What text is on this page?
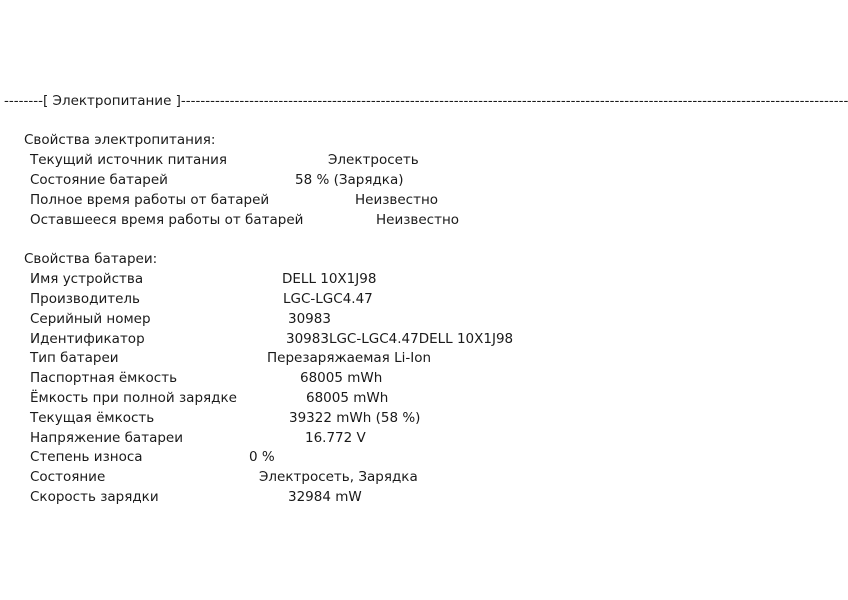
--------[ Электропитание ]-----------------------------------------------------------------------------------------------------------------------------------------
Свойства электропитания:
Текущий источник питания	Электросеть
Состояние батарей	58 % (Зарядка)
Полное время работы от батарей	Неизвестно
Оставшееся время работы от батарей	Неизвестно
Свойства батареи:
Имя устройства	DELL 10X1J98
Производитель	LGC-LGC4.47
Серийный номер	30983
Идентификатор	30983LGC-LGC4.47DELL 10X1J98
Тип батареи	Перезаряжаемая Li-Ion
Паспортная ёмкость	68005 mWh
Ёмкость при полной зарядке	68005 mWh
Текущая ёмкость	39322 mWh (58 %)
Напряжение батареи	16.772 V
Степень износа	0 %
Состояние	Электросеть, Зарядка
Скорость зарядки	32984 mW
